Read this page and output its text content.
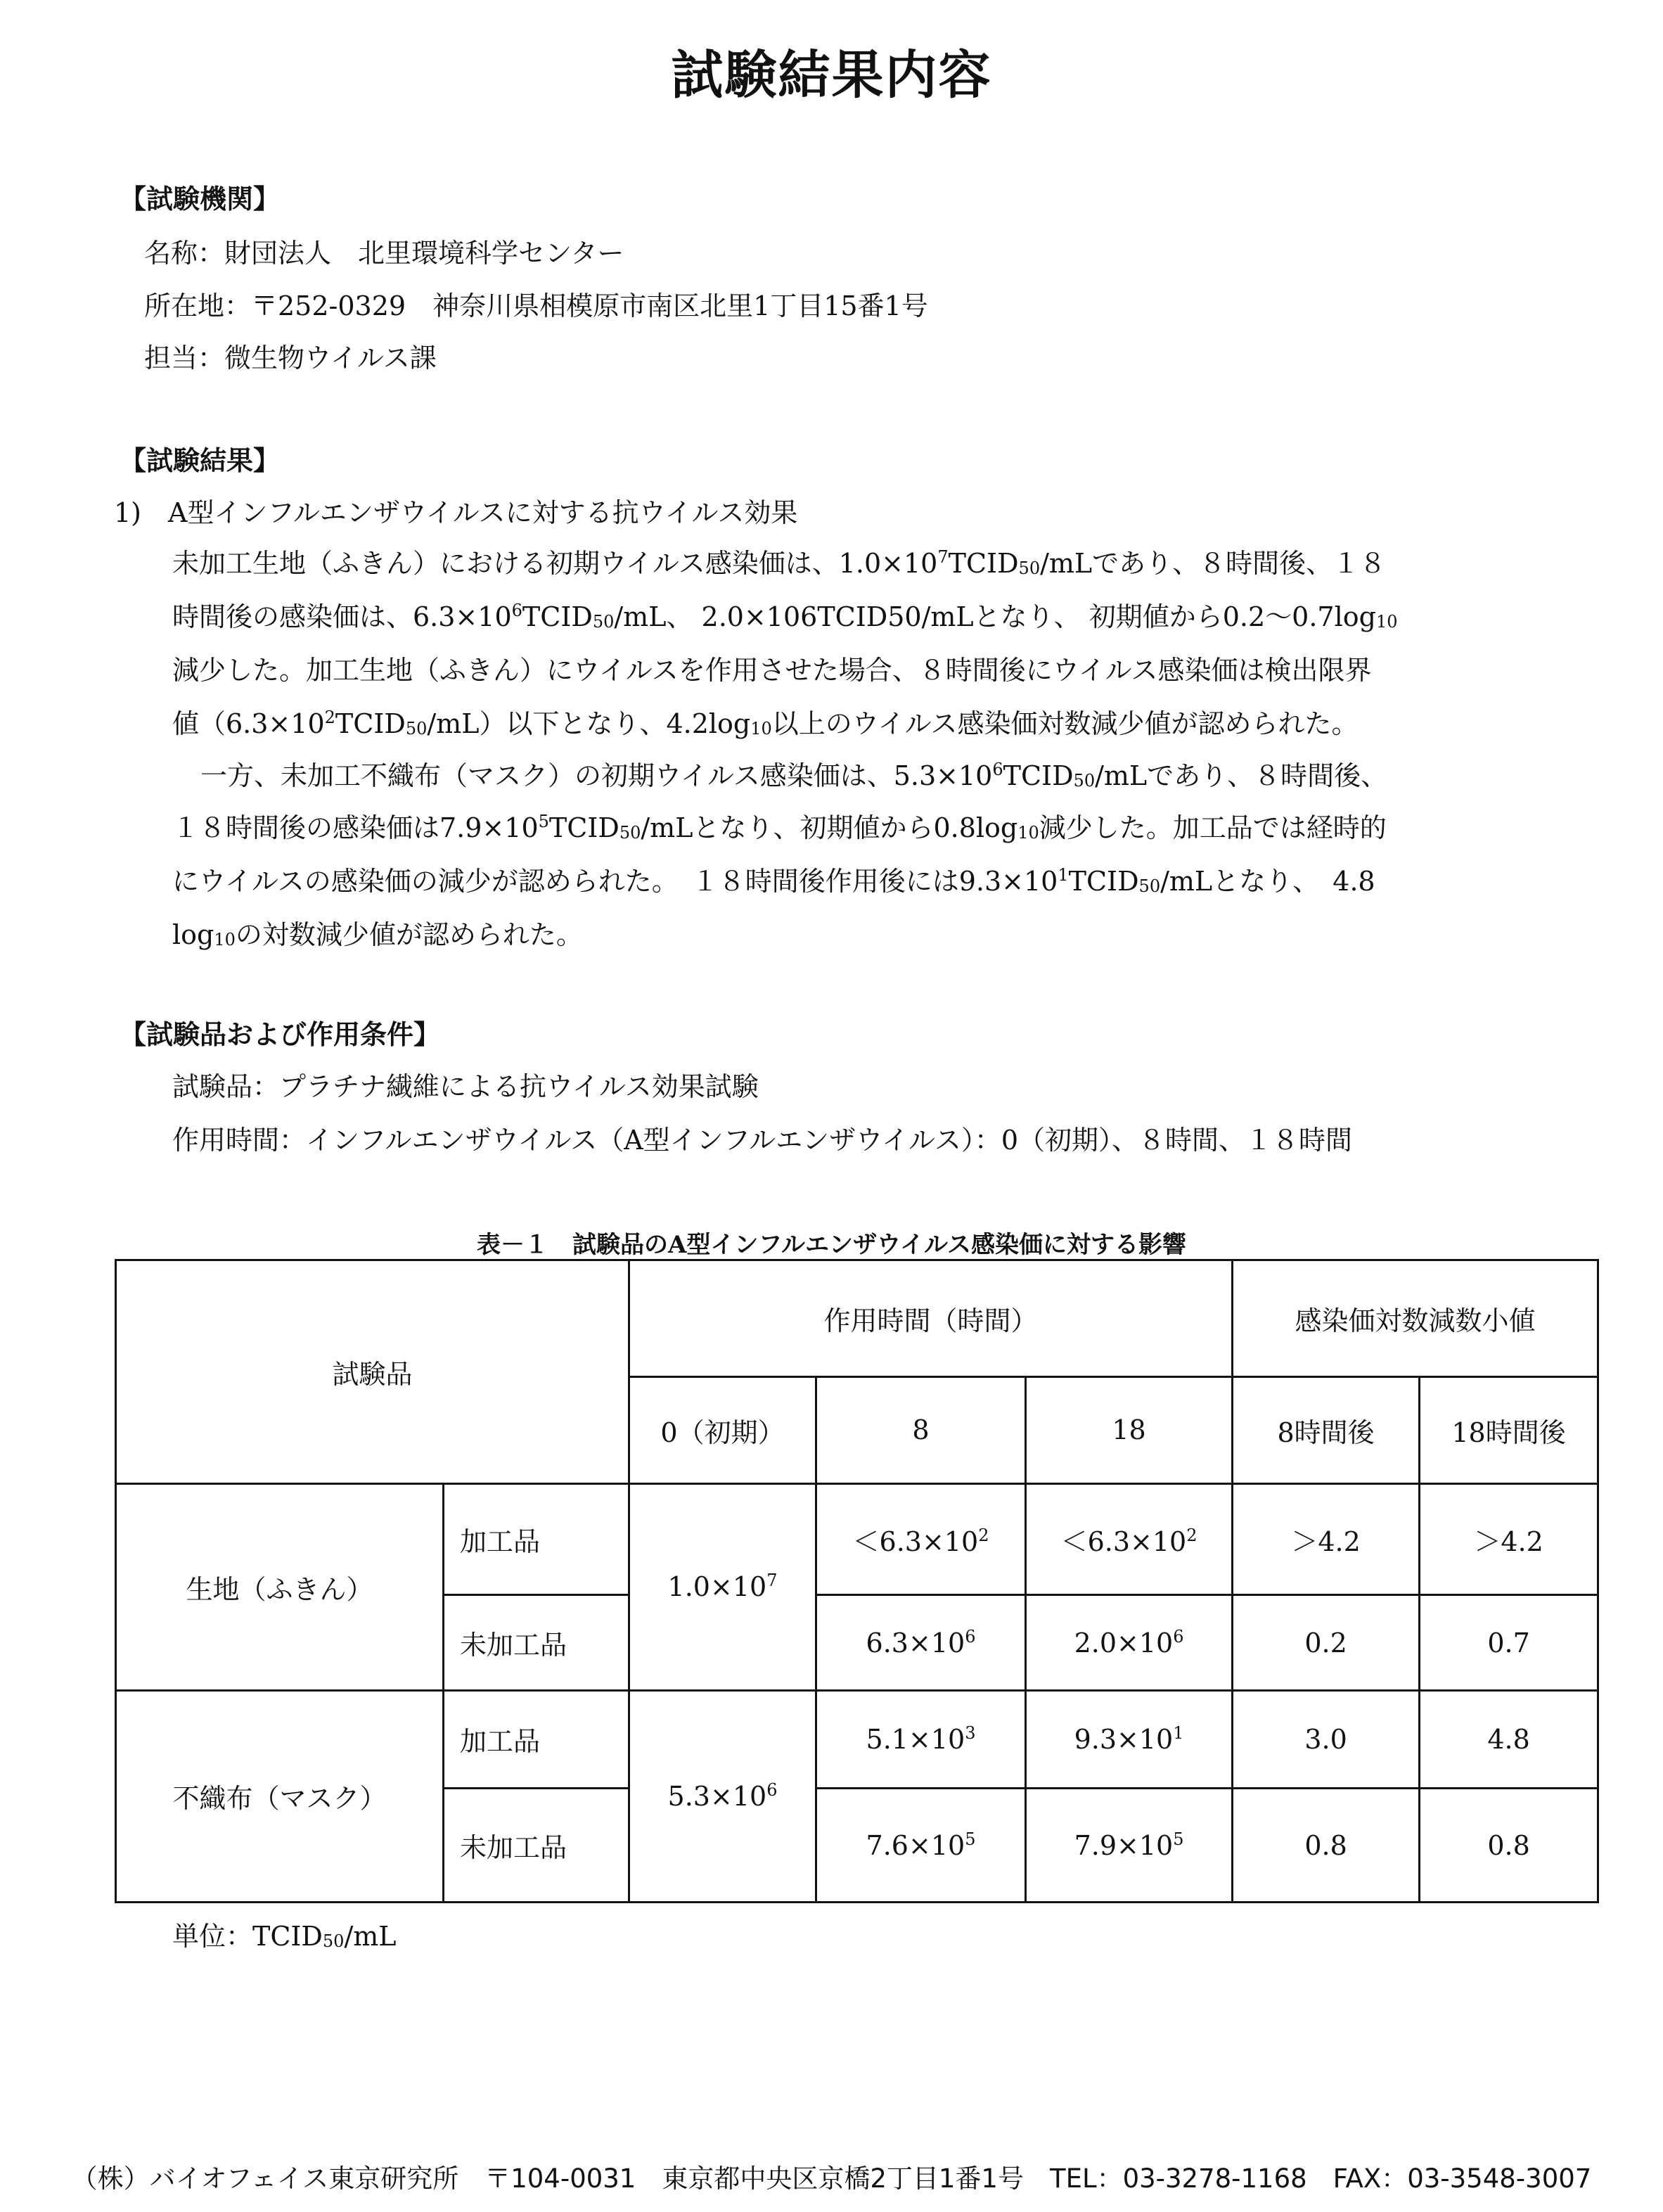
試験結果内容
【試験機関】
名称：財団法人　北里環境科学センター
所在地：〒252-0329　神奈川県相模原市南区北里1丁目15番1号
担当：微生物ウイルス課
【試験結果】
1)　A型インフルエンザウイルスに対する抗ウイルス効果
未加工生地（ふきん）における初期ウイルス感染価は、$1.0\times 10^7TCID_{50}/mL$であり、８時間後、１８
時間後の感染価は、$6.3\times 10^6TCID_{50}/mL$、 2.0×106TCID50/mLとなり、 初期値から$0.2\sim 0.7\log_{10}$
減少した。加工生地（ふきん）にウイルスを作用させた場合、８時間後にウイルス感染価は検出限界
値$(6.3\times 10^2TCID_{50}/mL)$以下となり、$4.2\log_{10}$以上のウイルス感染価対数減少値が認められた。
一方、未加工不織布（マスク）の初期ウイルス感染価は、$5.3\times 10^6TCID_{50}/mL$であり、８時間後、
１８時間後の感染価は$7.9\times 10^5TCID_{50}/mL$となり、初期値から$0.8\log_{10}$減少した。加工品では経時的
にウイルスの感染価の減少が認められた。　１８時間後作用後には$9.3\times 10^1TCID_{50}/mL$となり、　4.8
$\log_{10}$の対数減少値が認められた。
【試験品および作用条件】
試験品：プラチナ繊維による抗ウイルス効果試験
作用時間：インフルエンザウイルス（A型インフルエンザウイルス）：0（初期）、８時間、１８時間
表－１　試験品のA型インフルエンザウイルス感染価に対する影響
試験品		作用時間（時間）			感染価対数減数小値	
		0（初期）	8	18	8時間後	18時間後
生地（ふきん）	加工品	$1.0\times 10^7$	$<6.3\times 10^2$	$<6.3\times 10^2$	＞4.2	＞4.2
	未加工品		$6.3\times 10^6$	$2.0\times 10^6$	0.2	0.7
不織布（マスク）	加工品	$5.3\times 10^6$	$5.1\times 10^3$	$9.3\times 10^1$	3.0	4.8
	未加工品		$7.6\times 10^5$	$7.9\times 10^5$	0.8	0.8
単位：$TCID_{50}/mL$
（株）バイオフェイス東京研究所　〒104-0031　東京都中央区京橋2丁目1番1号　TEL：03-3278-1168　FAX：03-3548-3007
